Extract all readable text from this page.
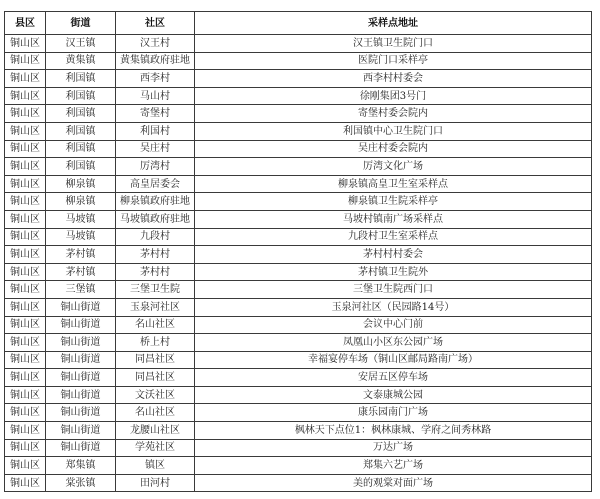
县区	街道	社区	采样点地址
铜山区	汉王镇	汉王村	汉王镇卫生院门口
铜山区	黄集镇	黄集镇政府驻地	医院门口采样亭
铜山区	利国镇	西李村	西李村村委会
铜山区	利国镇	马山村	徐刚集团3号门
铜山区	利国镇	寄堡村	寄堡村委会院内
铜山区	利国镇	利国村	利国镇中心卫生院门口
铜山区	利国镇	吴庄村	吴庄村委会院内
铜山区	利国镇	厉湾村	厉湾文化广场
铜山区	柳泉镇	高皇居委会	柳泉镇高皇卫生室采样点
铜山区	柳泉镇	柳泉镇政府驻地	柳泉镇卫生院采样亭
铜山区	马坡镇	马坡镇政府驻地	马坡村镇南广场采样点
铜山区	马坡镇	九段村	九段村卫生室采样点
铜山区	茅村镇	茅村村	茅村村村委会
铜山区	茅村镇	茅村村	茅村镇卫生院外
铜山区	三堡镇	三堡卫生院	三堡卫生院西门口
铜山区	铜山街道	玉泉河社区	玉泉河社区（民园路14号）
铜山区	铜山街道	名山社区	会议中心门前
铜山区	铜山街道	桥上村	凤凰山小区东公园广场
铜山区	铜山街道	同昌社区	幸福宴停车场（铜山区邮局路南广场）
铜山区	铜山街道	同昌社区	安居五区停车场
铜山区	铜山街道	文沃社区	文泰康城公园
铜山区	铜山街道	名山社区	康乐园南门广场
铜山区	铜山街道	龙腰山社区	枫林天下点位1：枫林康城、学府之间秀林路
铜山区	铜山街道	学苑社区	万达广场
铜山区	郑集镇	镇区	郑集六艺广场
铜山区	棠张镇	田河村	美的观棠对面广场
